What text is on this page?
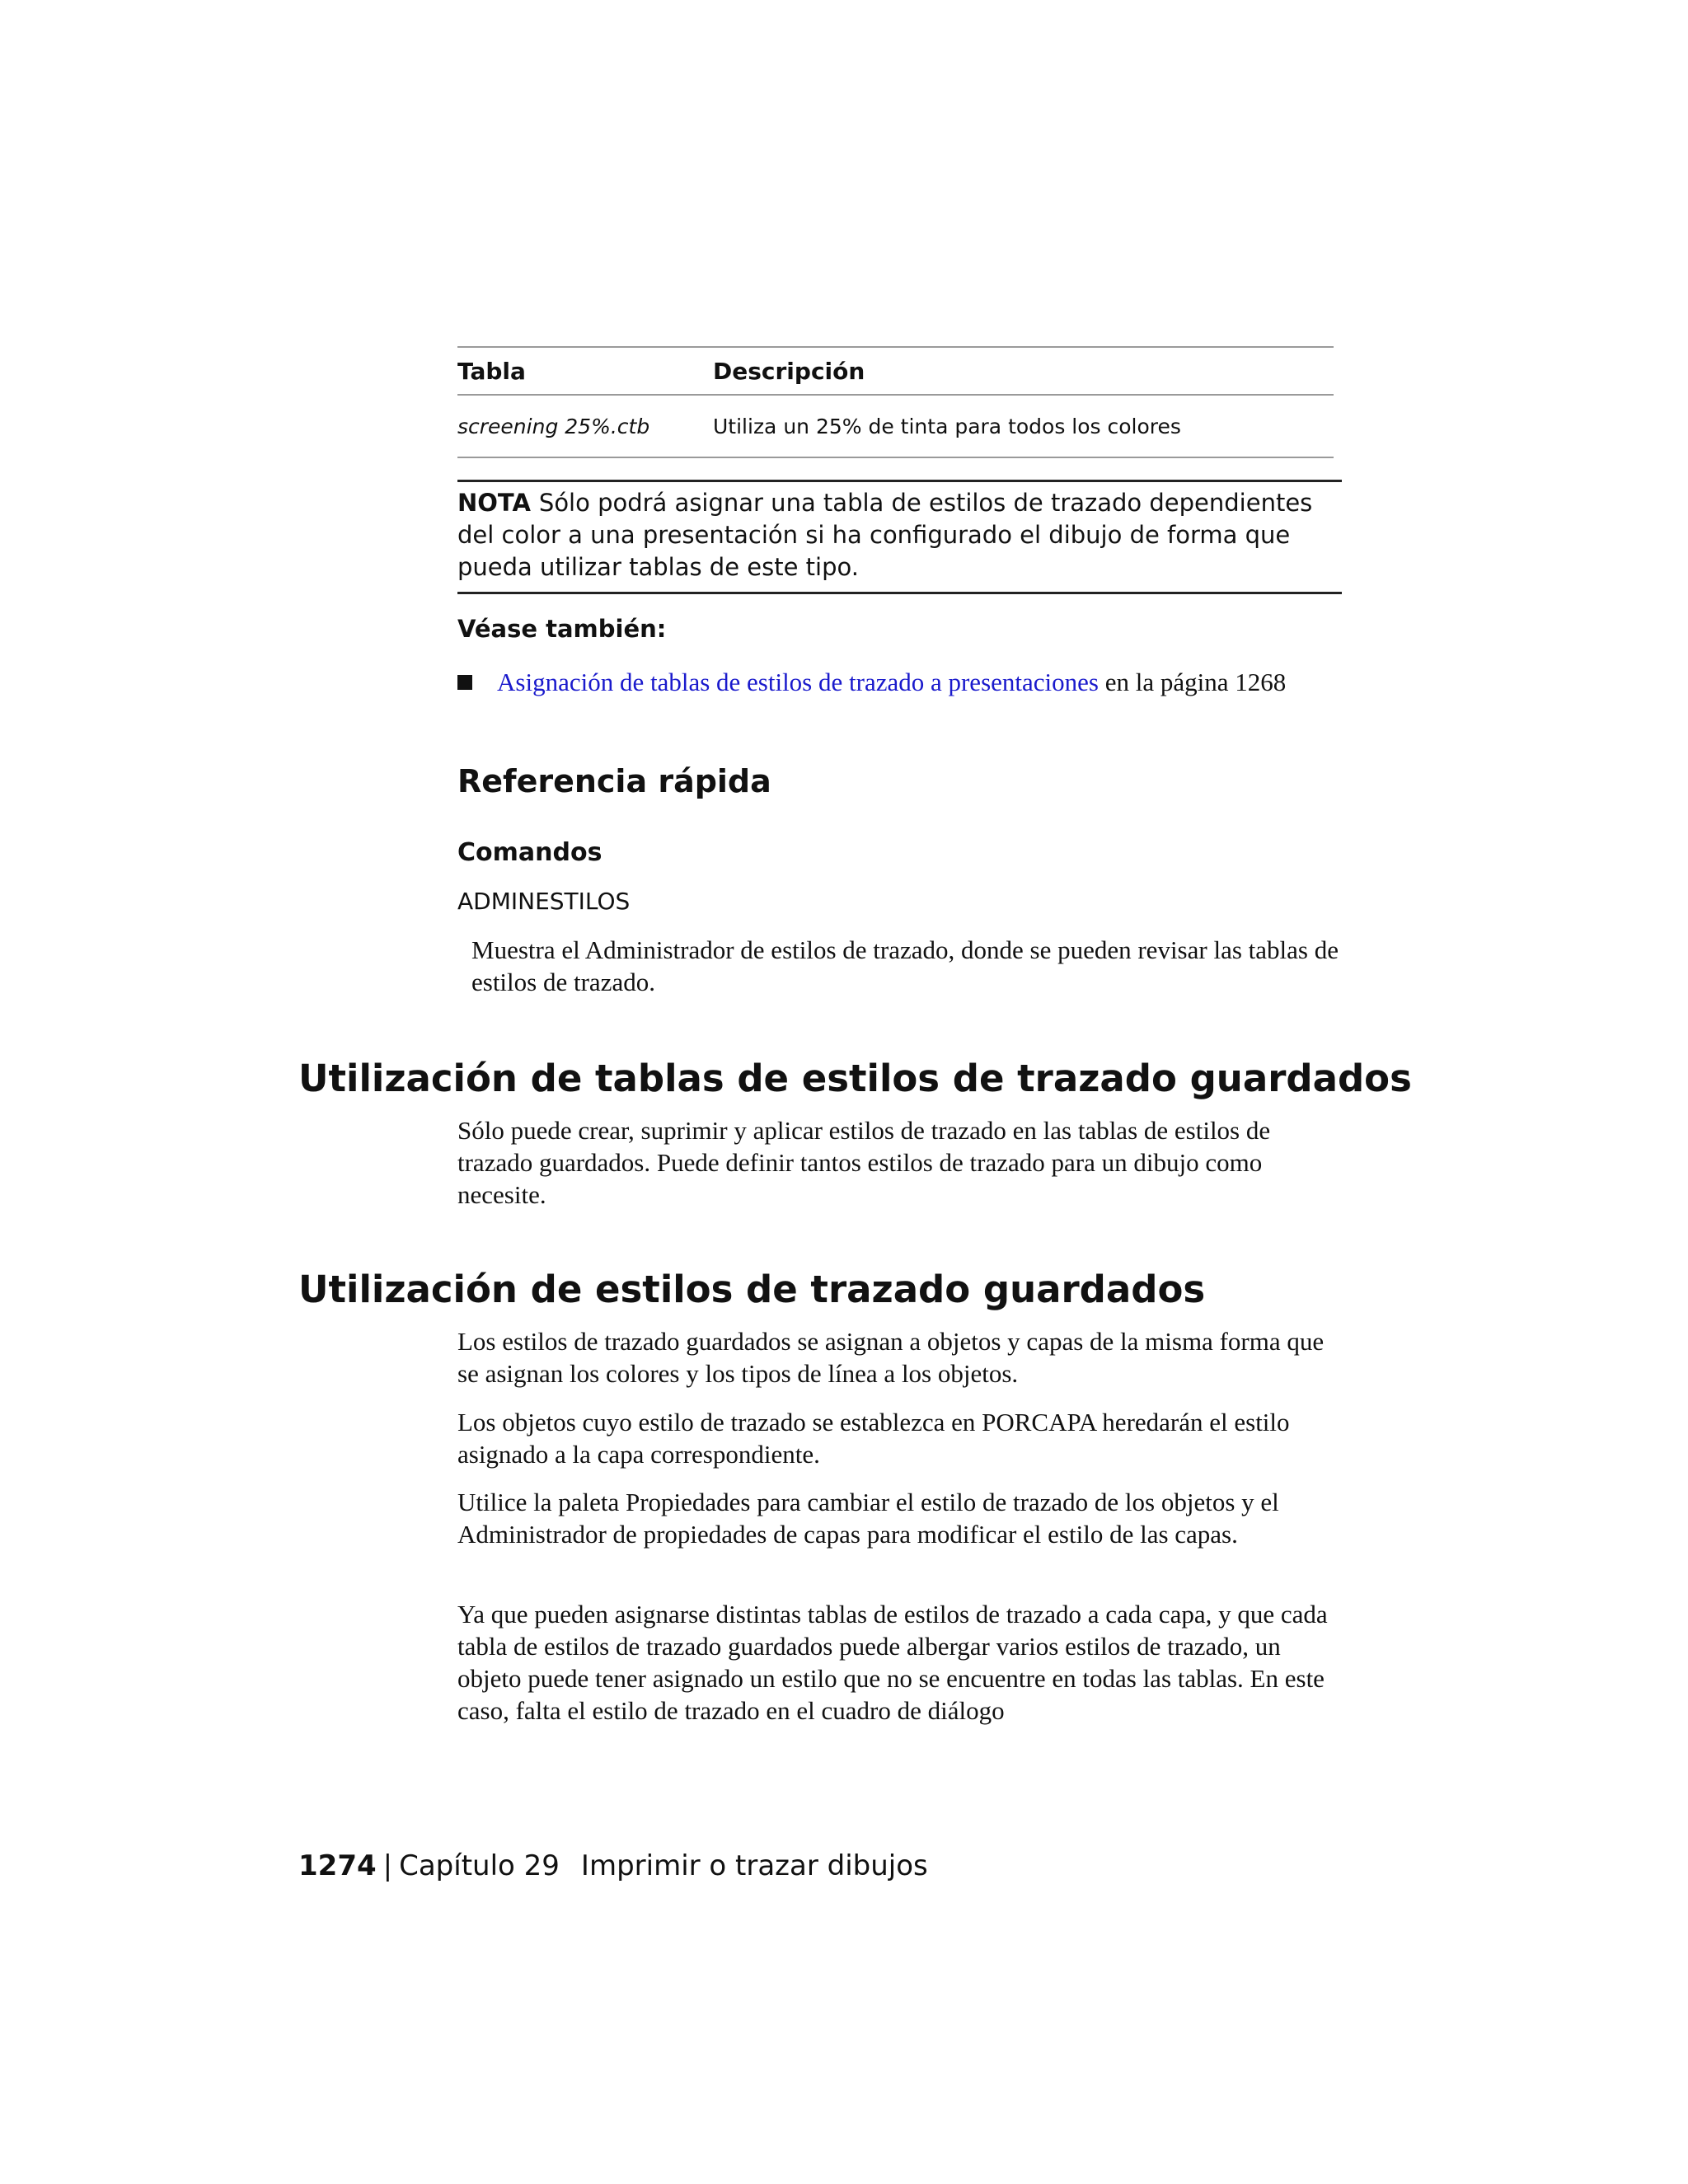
Tabla	Descripción
screening 25%.ctb	Utiliza un 25% de tinta para todos los colores
NOTA Sólo podrá asignar una tabla de estilos de trazado dependientes del color a una presentación si ha configurado el dibujo de forma que pueda utilizar tablas de este tipo.
Véase también:
Asignación de tablas de estilos de trazado a presentaciones en la página 1268
Referencia rápida
Comandos
ADMINESTILOS

Muestra el Administrador de estilos de trazado, donde se pueden revisar las tablas de estilos de trazado.

Utilización de tablas de estilos de trazado guardados

Sólo puede crear, suprimir y aplicar estilos de trazado en las tablas de estilos de trazado guardados. Puede definir tantos estilos de trazado para un dibujo como necesite.

Utilización de estilos de trazado guardados

Los estilos de trazado guardados se asignan a objetos y capas de la misma forma que se asignan los colores y los tipos de línea a los objetos.

Los objetos cuyo estilo de trazado se establezca en PORCAPA heredarán el estilo asignado a la capa correspondiente.

Utilice la paleta Propiedades para cambiar el estilo de trazado de los objetos y el Administrador de propiedades de capas para modificar el estilo de las capas.

Ya que pueden asignarse distintas tablas de estilos de trazado a cada capa, y que cada tabla de estilos de trazado guardados puede albergar varios estilos de trazado, un objeto puede tener asignado un estilo que no se encuentre en todas las tablas. En este caso, falta el estilo de trazado en el cuadro de diálogo

1274 | Capítulo 29 Imprimir o trazar dibujos
